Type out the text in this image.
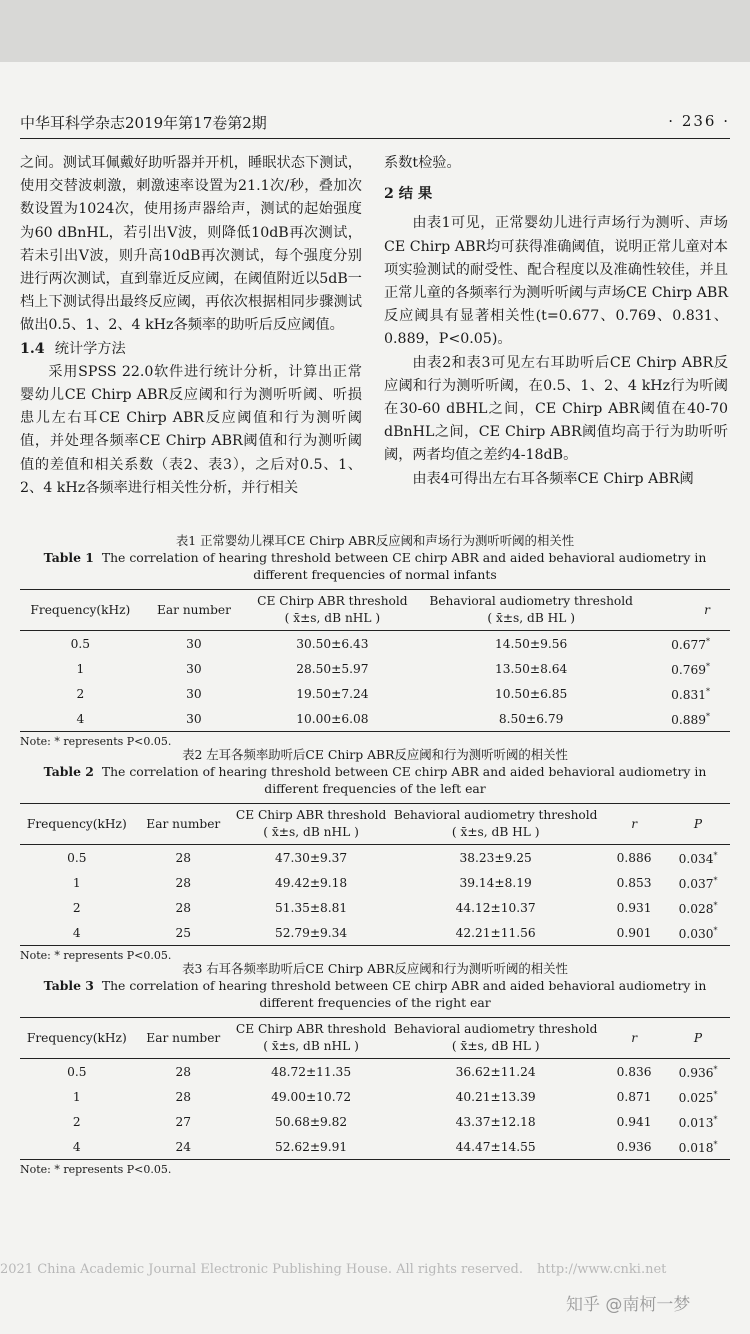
中华耳科学杂志2019年第17卷第2期	· 236 ·

之间。测试耳佩戴好助听器并开机，睡眠状态下测试，使用交替波刺激，刺激速率设置为21.1次/秒，叠加次数设置为1024次，使用扬声器给声，测试的起始强度为60 dBnHL，若引出V波，则降低10dB再次测试，若未引出V波，则升高10dB再次测试，每个强度分别进行两次测试，直到靠近反应阈，在阈值附近以5dB一档上下测试得出最终反应阈，再依次根据相同步骤测试做出0.5、1、2、4 kHz各频率的助听后反应阈值。

1.4 统计学方法

采用SPSS 22.0软件进行统计分析，计算出正常婴幼儿CE Chirp ABR反应阈和行为测听听阈、听损患儿左右耳CE Chirp ABR反应阈值和行为测听阈值，并处理各频率CE Chirp ABR阈值和行为测听阈值的差值和相关系数（表2、表3），之后对0.5、1、2、4 kHz各频率进行相关性分析，并行相关

系数t检验。

2 结 果

由表1可见，正常婴幼儿进行声场行为测听、声场CE Chirp ABR均可获得准确阈值，说明正常儿童对本项实验测试的耐受性、配合程度以及准确性较佳，并且正常儿童的各频率行为测听听阈与声场CE Chirp ABR反应阈具有显著相关性(t=0.677、0.769、0.831、0.889，P<0.05)。

由表2和表3可见左右耳助听后CE Chirp ABR反应阈和行为测听听阈，在0.5、1、2、4 kHz行为听阈在30-60 dBHL之间，CE Chirp ABR阈值在40-70 dBnHL之间，CE Chirp ABR阈值均高于行为助听听阈，两者均值之差约4-18dB。

由表4可得出左右耳各频率CE Chirp ABR阈

表1 正常婴幼儿裸耳CE Chirp ABR反应阈和声场行为测听听阈的相关性
Table 1 The correlation of hearing threshold between CE chirp ABR and aided behavioral audiometry in different frequencies of normal infants
Frequency(kHz)	Ear number	CE Chirp ABR threshold
( x̄±s, dB nHL )	Behavioral audiometry threshold
( x̄±s, dB HL )	r
0.5	30	30.50±6.43	14.50±9.56	0.677*
1	30	28.50±5.97	13.50±8.64	0.769*
2	30	19.50±7.24	10.50±6.85	0.831*
4	30	10.00±6.08	8.50±6.79	0.889*
Note: * represents P<0.05.
表2 左耳各频率助听后CE Chirp ABR反应阈和行为测听听阈的相关性
Table 2 The correlation of hearing threshold between CE chirp ABR and aided behavioral audiometry in different frequencies of the left ear
Frequency(kHz)	Ear number	CE Chirp ABR threshold
( x̄±s, dB nHL )	Behavioral audiometry threshold
( x̄±s, dB HL )	r	P
0.5	28	47.30±9.37	38.23±9.25	0.886	0.034*
1	28	49.42±9.18	39.14±8.19	0.853	0.037*
2	28	51.35±8.81	44.12±10.37	0.931	0.028*
4	25	52.79±9.34	42.21±11.56	0.901	0.030*
Note: * represents P<0.05.
表3 右耳各频率助听后CE Chirp ABR反应阈和行为测听听阈的相关性
Table 3 The correlation of hearing threshold between CE chirp ABR and aided behavioral audiometry in different frequencies of the right ear
Frequency(kHz)	Ear number	CE Chirp ABR threshold
( x̄±s, dB nHL )	Behavioral audiometry threshold
( x̄±s, dB HL )	r	P
0.5	28	48.72±11.35	36.62±11.24	0.836	0.936*
1	28	49.00±10.72	40.21±13.39	0.871	0.025*
2	27	50.68±9.82	43.37±12.18	0.941	0.013*
4	24	52.62±9.91	44.47±14.55	0.936	0.018*
Note: * represents P<0.05.
2021 China Academic Journal Electronic Publishing House. All rights reserved. http://www.cnki.net
知乎 @南柯一梦
